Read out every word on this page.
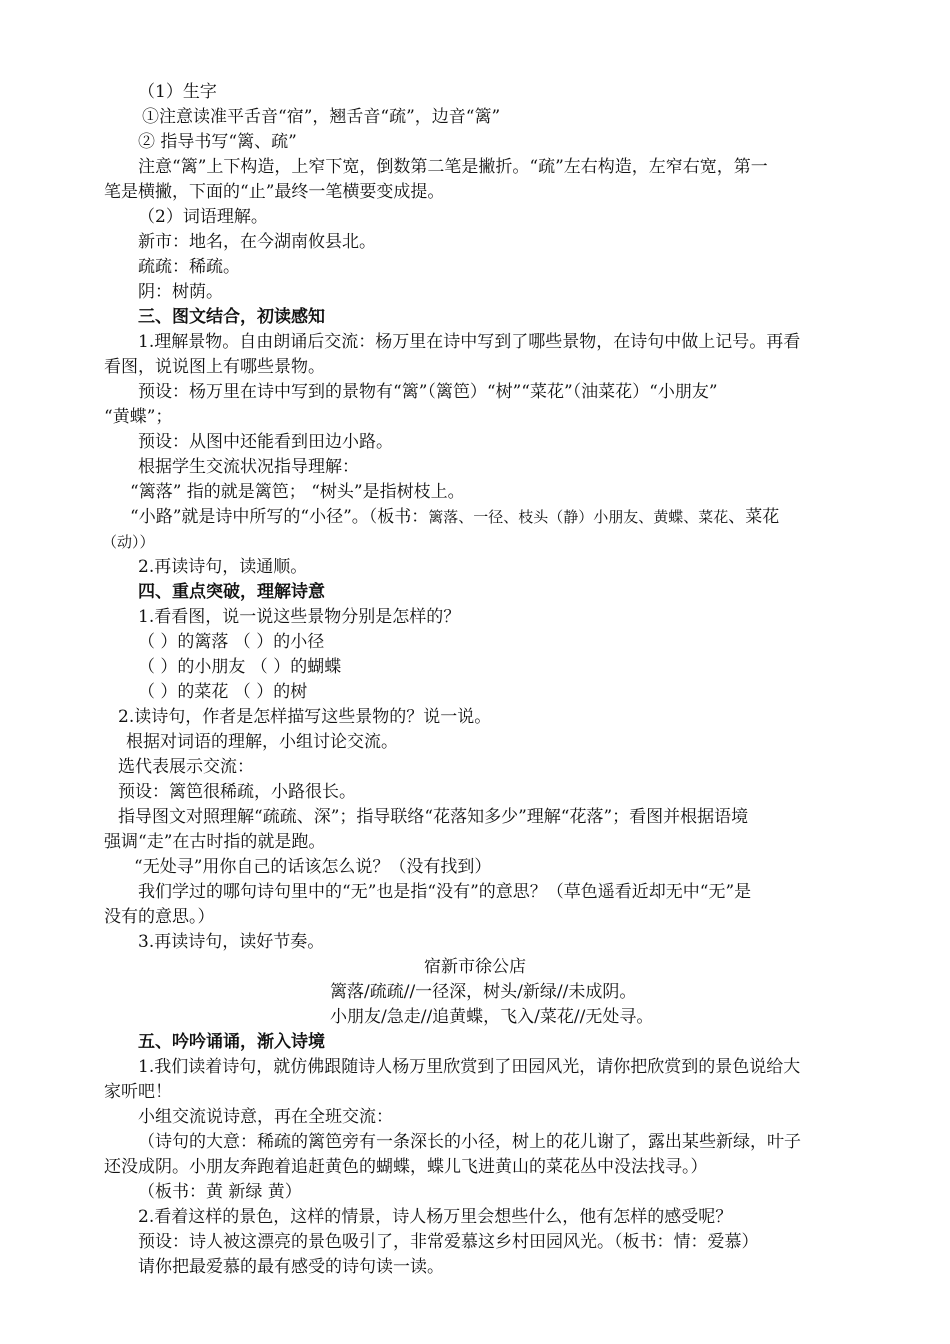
（1）生字
①注意读准平舌音“宿”，翘舌音“疏”，边音“篱”
② 指导书写“篱、疏”
注意“篱”上下构造，上窄下宽，倒数第二笔是撇折。“疏”左右构造，左窄右宽，第一
笔是横撇，下面的“止”最终一笔横要变成提。
（2）词语理解。
新市：地名，在今湖南攸县北。
疏疏：稀疏。
阴：树荫。
三、图文结合，初读感知
1.理解景物。自由朗诵后交流：杨万里在诗中写到了哪些景物，在诗句中做上记号。再看
看图，说说图上有哪些景物。
预设：杨万里在诗中写到的景物有“篱”（篱笆）“树”“菜花”（油菜花）“小朋友”
“黄蝶”；
预设：从图中还能看到田边小路。
根据学生交流状况指导理解：
“篱落” 指的就是篱笆； “树头”是指树枝上。
“小路”就是诗中所写的“小径”。（板书：篱落、一径、枝头（静）小朋友、黄蝶、菜花、菜花
（动））
2.再读诗句，读通顺。
四、重点突破，理解诗意
1.看看图，说一说这些景物分别是怎样的？
（ ）的篱落 （ ）的小径
（ ）的小朋友 （ ）的蝴蝶
（ ）的菜花 （ ）的树
2.读诗句，作者是怎样描写这些景物的？说一说。
根据对词语的理解，小组讨论交流。
选代表展示交流：
预设：篱笆很稀疏，小路很长。
指导图文对照理解“疏疏、深”；指导联络“花落知多少”理解“花落”；看图并根据语境
强调“走”在古时指的就是跑。
“无处寻”用你自己的话该怎么说？（没有找到）
我们学过的哪句诗句里中的“无”也是指“没有”的意思？（草色遥看近却无中“无”是
没有的意思。）
3.再读诗句，读好节奏。
宿新市徐公店
篱落/疏疏//一径深，树头/新绿//未成阴。
小朋友/急走//追黄蝶，飞入/菜花//无处寻。
五、吟吟诵诵，渐入诗境
1.我们读着诗句，就仿佛跟随诗人杨万里欣赏到了田园风光，请你把欣赏到的景色说给大
家听吧！
小组交流说诗意，再在全班交流：
（诗句的大意：稀疏的篱笆旁有一条深长的小径，树上的花儿谢了，露出某些新绿，叶子
还没成阴。小朋友奔跑着追赶黄色的蝴蝶，蝶儿飞进黄山的菜花丛中没法找寻。）
（板书：黄 新绿 黄）
2.看着这样的景色，这样的情景，诗人杨万里会想些什么，他有怎样的感受呢？
预设：诗人被这漂亮的景色吸引了，非常爱慕这乡村田园风光。（板书：情：爱慕）
请你把最爱慕的最有感受的诗句读一读。
